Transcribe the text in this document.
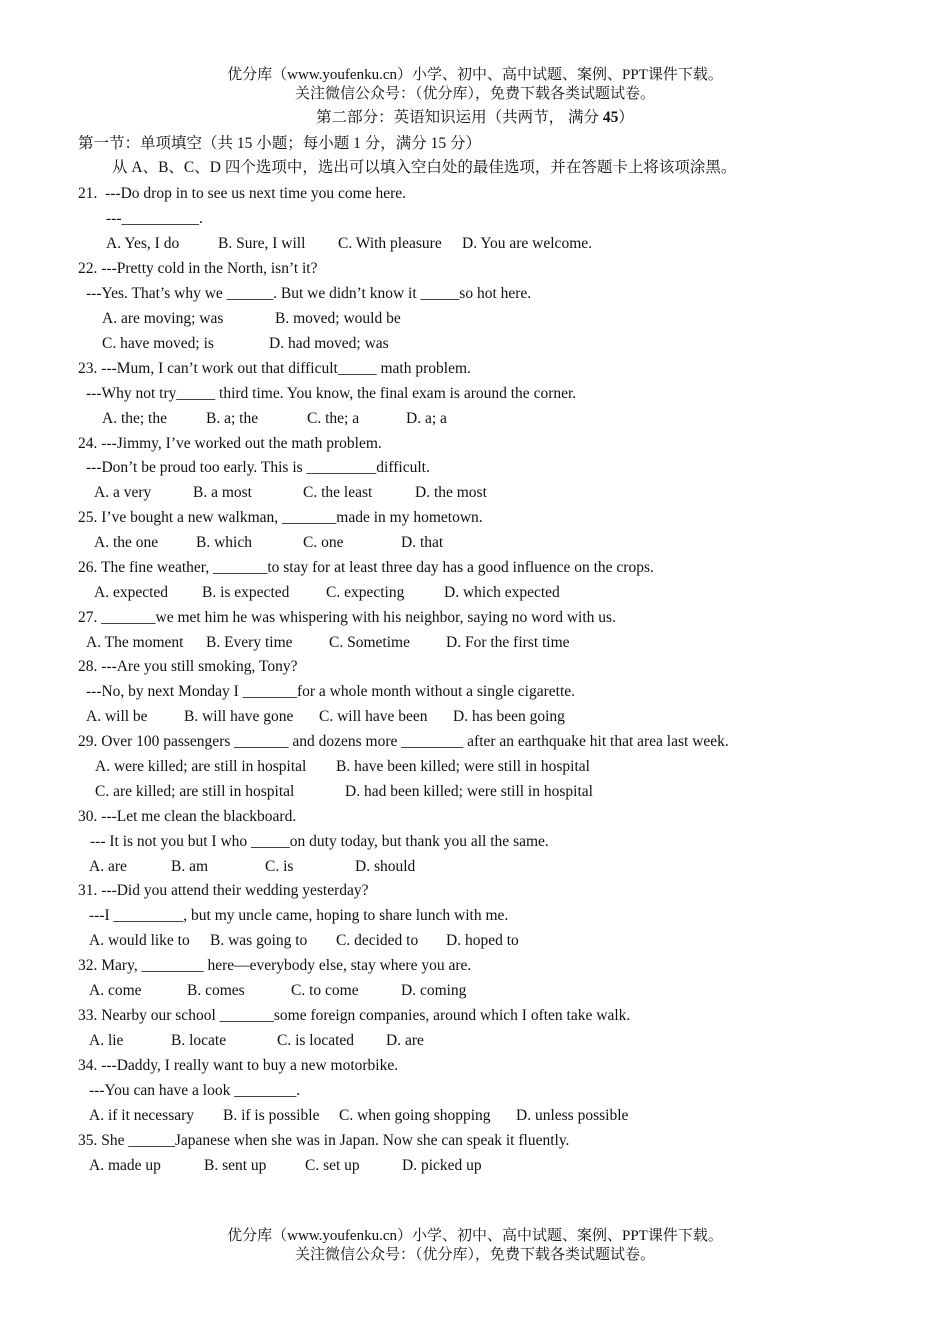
优分库（www.youfenku.cn）小学、初中、高中试题、案例、PPT课件下载。
关注微信公众号：（优分库），免费下载各类试题试卷。
第二部分：英语知识运用（共两节， 满分 45）
第一节：单项填空（共 15 小题；每小题 1 分，满分 15 分）
从 A、B、C、D 四个选项中，选出可以填入空白处的最佳选项，并在答题卡上将该项涂黑。
21.  ---Do drop in to see us next time you come here.
---__________.
A. Yes, I do	B. Sure, I will C. With pleasure D. You are welcome.
22. ---Pretty cold in the North, isn’t it?
---Yes. That’s why we ______. But we didn’t know it _____so hot here.
A. are moving; was	B. moved; would be
C. have moved; is	D. had moved; was
23. ---Mum, I can’t work out that difficult_____ math problem.
---Why not try_____ third time. You know, the final exam is around the corner.
A. the; the	B. a; the	C. the; a	D. a; a
24. ---Jimmy, I’ve worked out the math problem.
---Don’t be proud too early. This is _________difficult.
A. a very	B. a most	C. the least	D. the most
25. I’ve bought a new walkman, _______made in my hometown.
A. the one B. which	C. one	D. that
26. The fine weather, _______to stay for at least three day has a good influence on the crops.
A. expected B. is expected C. expecting	D. which expected
27. _______we met him he was whispering with his neighbor, saying no word with us.
A. The moment B. Every time C. Sometime D. For the first time
28. ---Are you still smoking, Tony?
---No, by next Monday I _______for a whole month without a single cigarette.
A. will be B. will have gone C. will have been D. has been going
29. Over 100 passengers _______ and dozens more ________ after an earthquake hit that area last week.
A. were killed; are still in hospital B. have been killed; were still in hospital
C. are killed; are still in hospital	D. had been killed; were still in hospital
30. ---Let me clean the blackboard.
--- It is not you but I who _____on duty today, but thank you all the same.
A. are	B. am	C. is	D. should
31. ---Did you attend their wedding yesterday?
---I _________, but my uncle came, hoping to share lunch with me.
A. would like to B. was going to C. decided to D. hoped to
32. Mary, ________ here—everybody else, stay where you are.
A. come	B. comes	C. to come	D. coming
33. Nearby our school _______some foreign companies, around which I often take walk.
A. lie	B. locate	C. is located D. are
34. ---Daddy, I really want to buy a new motorbike.
---You can have a look ________.
A. if it necessary B. if is possible C. when going shopping D. unless possible
35. She ______Japanese when she was in Japan. Now she can speak it fluently.
A. made up	B. sent up C. set up	D. picked up
优分库（www.youfenku.cn）小学、初中、高中试题、案例、PPT课件下载。
关注微信公众号：（优分库），免费下载各类试题试卷。
